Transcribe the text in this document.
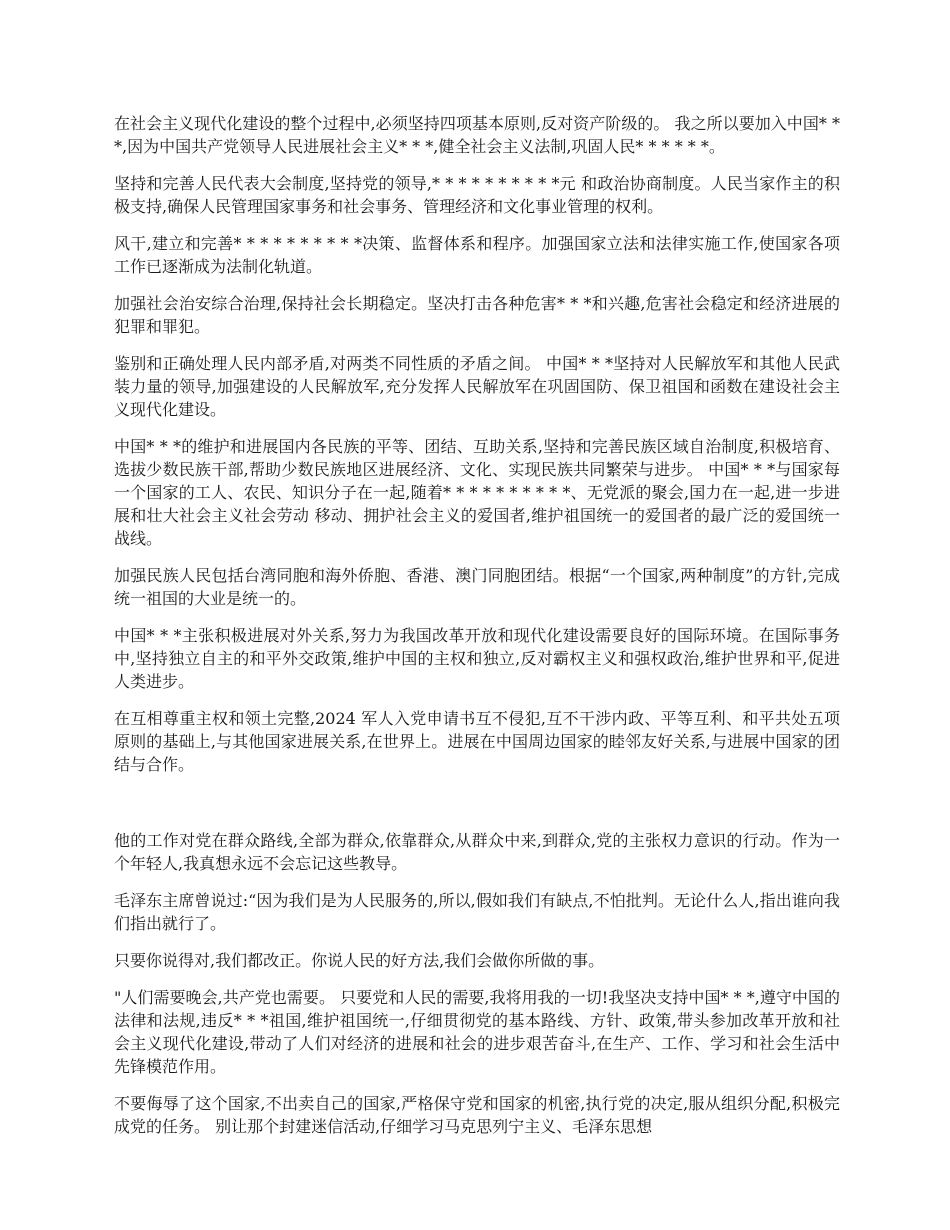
在社会主义现代化建设的整个过程中,必须坚持四项基本原则,反对资产阶级的。 我之所以要加入中国* * *,因为中国共产党领导人民进展社会主义* * *,健全社会主义法制,巩固人民* * * * * *。

坚持和完善人民代表大会制度,坚持党的领导,* * * * * * * * * *元 和政治协商制度。人民当家作主的积极支持,确保人民管理国家事务和社会事务、管理经济和文化事业管理的权利。

风干,建立和完善* * * * * * * * * *决策、监督体系和程序。加强国家立法和法律实施工作,使国家各项工作已逐渐成为法制化轨道。

加强社会治安综合治理,保持社会长期稳定。坚决打击各种危害* * *和兴趣,危害社会稳定和经济进展的犯罪和罪犯。

鉴别和正确处理人民内部矛盾,对两类不同性质的矛盾之间。 中国* * *坚持对人民解放军和其他人民武装力量的领导,加强建设的人民解放军,充分发挥人民解放军在巩固国防、保卫祖国和函数在建设社会主义现代化建设。

中国* * *的维护和进展国内各民族的平等、团结、互助关系,坚持和完善民族区域自治制度,积极培育、选拔少数民族干部,帮助少数民族地区进展经济、文化、实现民族共同繁荣与进步。 中国* * *与国家每一个国家的工人、农民、知识分子在一起,随着* * * * * * * * * *、无党派的聚会,国力在一起,进一步进展和壮大社会主义社会劳动 移动、拥护社会主义的爱国者,维护祖国统一的爱国者的最广泛的爱国统一战线。

加强民族人民包括台湾同胞和海外侨胞、香港、澳门同胞团结。根据“一个国家,两种制度”的方针,完成统一祖国的大业是统一的。

中国* * *主张积极进展对外关系,努力为我国改革开放和现代化建设需要良好的国际环境。在国际事务中,坚持独立自主的和平外交政策,维护中国的主权和独立,反对霸权主义和强权政治,维护世界和平,促进人类进步。

在互相尊重主权和领土完整,2024 军人入党申请书互不侵犯,互不干涉内政、平等互利、和平共处五项原则的基础上,与其他国家进展关系,在世界上。进展在中国周边国家的睦邻友好关系,与进展中国家的团结与合作。

他的工作对党在群众路线,全部为群众,依靠群众,从群众中来,到群众,党的主张权力意识的行动。作为一个年轻人,我真想永远不会忘记这些教导。

毛泽东主席曾说过:“因为我们是为人民服务的,所以,假如我们有缺点,不怕批判。无论什么人,指出谁向我们指出就行了。

只要你说得对,我们都改正。你说人民的好方法,我们会做你所做的事。

"人们需要晚会,共产党也需要。 只要党和人民的需要,我将用我的一切!我坚决支持中国* * *,遵守中国的法律和法规,违反* * *祖国,维护祖国统一,仔细贯彻党的基本路线、方针、政策,带头参加改革开放和社会主义现代化建设,带动了人们对经济的进展和社会的进步艰苦奋斗,在生产、工作、学习和社会生活中先锋模范作用。

不要侮辱了这个国家,不出卖自己的国家,严格保守党和国家的机密,执行党的决定,服从组织分配,积极完成党的任务。 别让那个封建迷信活动,仔细学习马克思列宁主义、毛泽东思想
